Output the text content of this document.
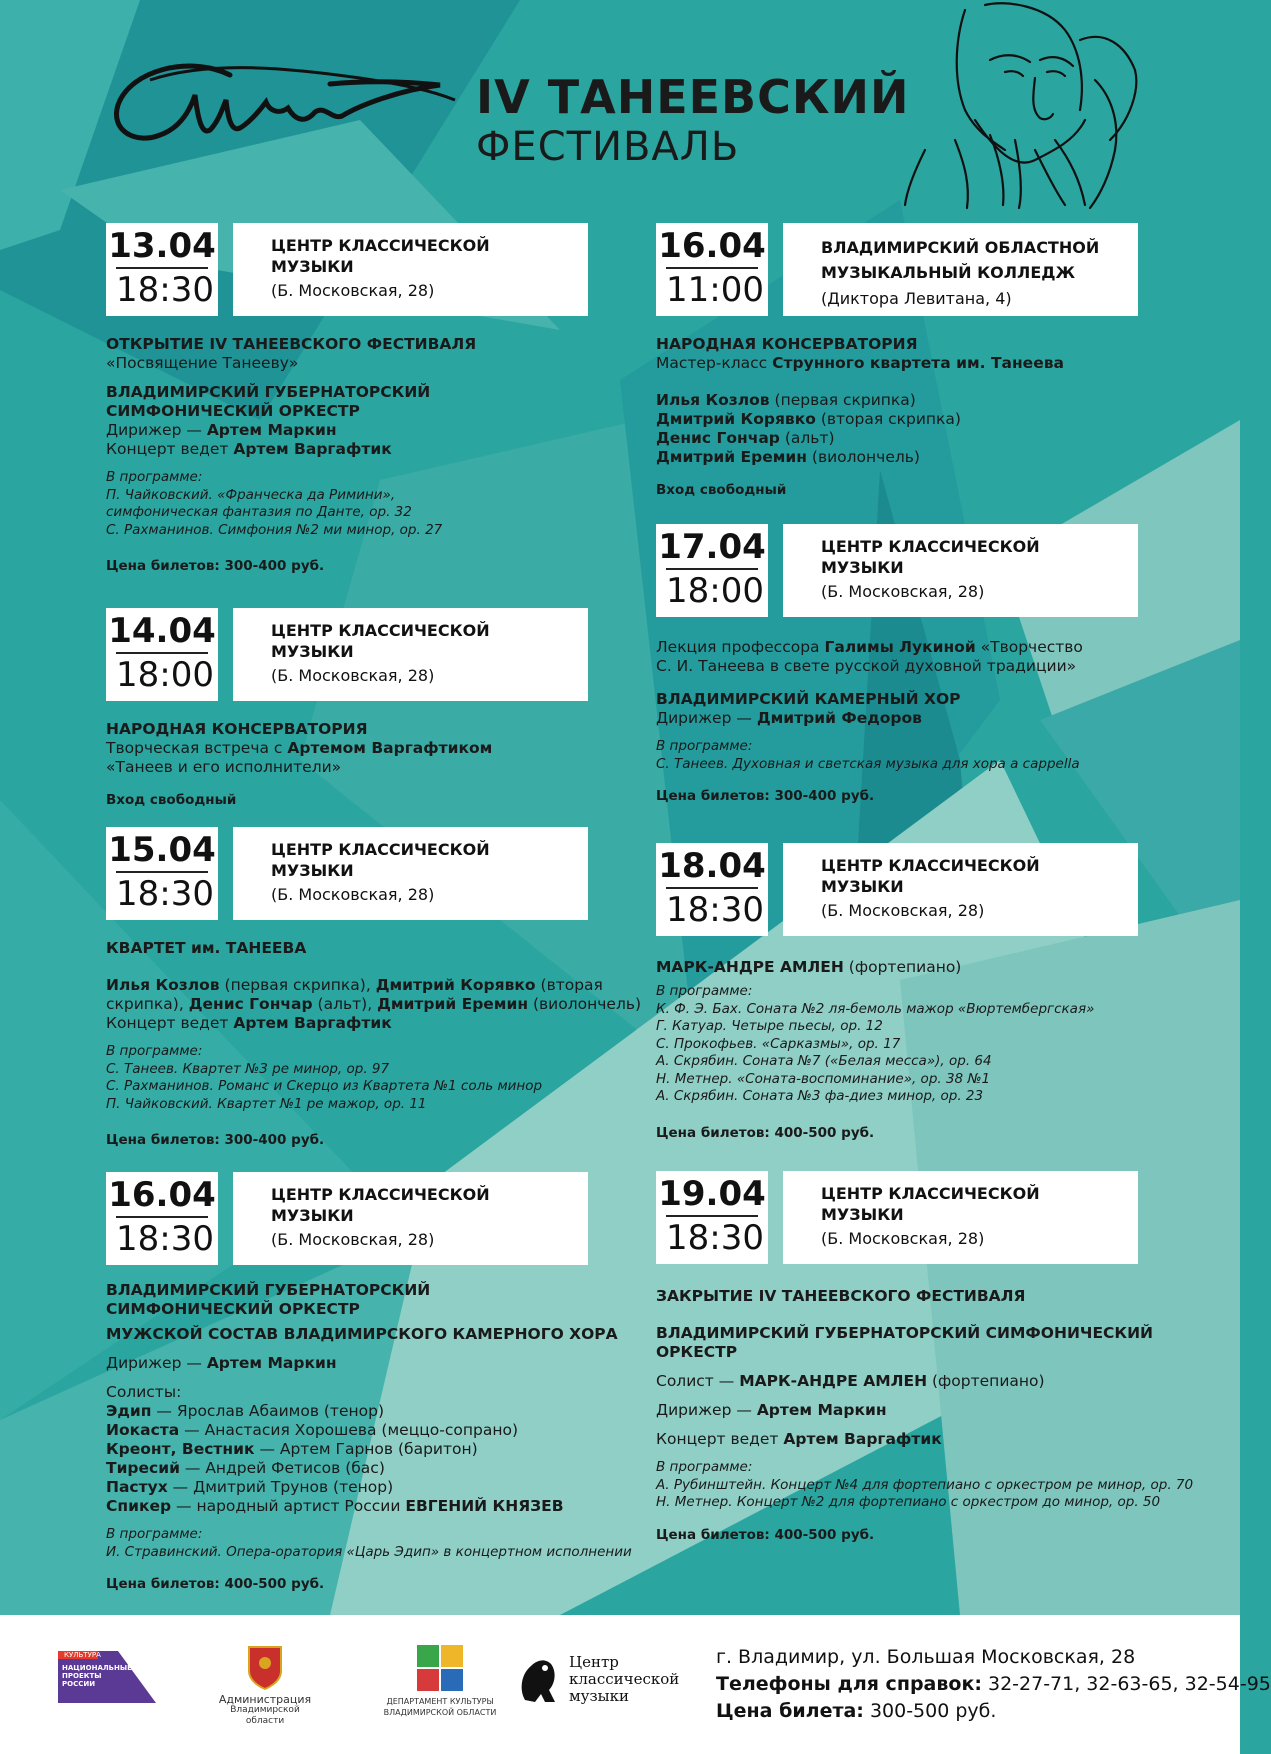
IV ТАНЕЕВСКИЙ
ФЕСТИВАЛЬ
13.04
18:30
ЦЕНТР КЛАССИЧЕСКОЙ МУЗЫКИ
(Б. Московская, 28)

ОТКРЫТИЕ IV ТАНЕЕВСКОГО ФЕСТИВАЛЯ

«Посвящение Танееву»

ВЛАДИМИРСКИЙ ГУБЕРНАТОРСКИЙ

СИМФОНИЧЕСКИЙ ОРКЕСТР

Дирижер — Артем Маркин

Концерт ведет Артем Варгафтик

В программе:

П. Чайковский. «Франческа да Римини»,

симфоническая фантазия по Данте, ор. 32

С. Рахманинов. Симфония №2 ми минор, ор. 27

Цена билетов: 300-400 руб.

14.04
18:00
ЦЕНТР КЛАССИЧЕСКОЙ МУЗЫКИ
(Б. Московская, 28)

НАРОДНАЯ КОНСЕРВАТОРИЯ

Творческая встреча с Артемом Варгафтиком

«Танеев и его исполнители»

Вход свободный

15.04
18:30
ЦЕНТР КЛАССИЧЕСКОЙ МУЗЫКИ
(Б. Московская, 28)

КВАРТЕТ им. ТАНЕЕВА

Илья Козлов (первая скрипка), Дмитрий Корявко (вторая

скрипка), Денис Гончар (альт), Дмитрий Еремин (виолончель)

Концерт ведет Артем Варгафтик

В программе:

С. Танеев. Квартет №3 ре минор, ор. 97

С. Рахманинов. Романс и Скерцо из Квартета №1 соль минор

П. Чайковский. Квартет №1 ре мажор, ор. 11

Цена билетов: 300-400 руб.

16.04
18:30
ЦЕНТР КЛАССИЧЕСКОЙ МУЗЫКИ
(Б. Московская, 28)

ВЛАДИМИРСКИЙ ГУБЕРНАТОРСКИЙ

СИМФОНИЧЕСКИЙ ОРКЕСТР

МУЖСКОЙ СОСТАВ ВЛАДИМИРСКОГО КАМЕРНОГО ХОРА

Дирижер — Артем Маркин

Солисты:

Эдип — Ярослав Абаимов (тенор)

Иокаста — Анастасия Хорошева (меццо-сопрано)

Креонт, Вестник — Артем Гарнов (баритон)

Тиресий — Андрей Фетисов (бас)

Пастух — Дмитрий Трунов (тенор)

Спикер — народный артист России ЕВГЕНИЙ КНЯЗЕВ

В программе:

И. Стравинский. Опера-оратория «Царь Эдип» в концертном исполнении

Цена билетов: 400-500 руб.

16.04
11:00
ВЛАДИМИРСКИЙ ОБЛАСТНОЙ МУЗЫКАЛЬНЫЙ КОЛЛЕДЖ
(Диктора Левитана, 4)

НАРОДНАЯ КОНСЕРВАТОРИЯ

Мастер-класс Струнного квартета им. Танеева

Илья Козлов (первая скрипка)

Дмитрий Корявко (вторая скрипка)

Денис Гончар (альт)

Дмитрий Еремин (виолончель)

Вход свободный

17.04
18:00
ЦЕНТР КЛАССИЧЕСКОЙ МУЗЫКИ
(Б. Московская, 28)

Лекция профессора Галимы Лукиной «Творчество

С. И. Танеева в свете русской духовной традиции»

ВЛАДИМИРСКИЙ КАМЕРНЫЙ ХОР

Дирижер — Дмитрий Федоров

В программе:

С. Танеев. Духовная и светская музыка для хора a cappella

Цена билетов: 300-400 руб.

18.04
18:30
ЦЕНТР КЛАССИЧЕСКОЙ МУЗЫКИ
(Б. Московская, 28)

МАРК-АНДРЕ АМЛЕН (фортепиано)

В программе:

К. Ф. Э. Бах. Соната №2 ля-бемоль мажор «Вюртембергская»

Г. Катуар. Четыре пьесы, ор. 12

С. Прокофьев. «Сарказмы», ор. 17

А. Скрябин. Соната №7 («Белая месса»), ор. 64

Н. Метнер. «Соната-воспоминание», ор. 38 №1

А. Скрябин. Соната №3 фа-диез минор, ор. 23

Цена билетов: 400-500 руб.

19.04
18:30
ЦЕНТР КЛАССИЧЕСКОЙ МУЗЫКИ
(Б. Московская, 28)

ЗАКРЫТИЕ IV ТАНЕЕВСКОГО ФЕСТИВАЛЯ

ВЛАДИМИРСКИЙ ГУБЕРНАТОРСКИЙ СИМФОНИЧЕСКИЙ

ОРКЕСТР

Солист — МАРК-АНДРЕ АМЛЕН (фортепиано)

Дирижер — Артем Маркин

Концерт ведет Артем Варгафтик

В программе:

А. Рубинштейн. Концерт №4 для фортепиано с оркестром ре минор, ор. 70

Н. Метнер. Концерт №2 для фортепиано с оркестром до минор, ор. 50

Цена билетов: 400-500 руб.

КУЛЬТУРА
НАЦИОНАЛЬНЫЕ ПРОЕКТЫ РОССИИ
Администрация
Владимирской области
ДЕПАРТАМЕНТ КУЛЬТУРЫ
ВЛАДИМИРСКОЙ ОБЛАСТИ
Центр
классической
музыки
г. Владимир, ул. Большая Московская, 28
Телефоны для справок: 32-27-71, 32-63-65, 32-54-95
Цена билета: 300-500 руб.
